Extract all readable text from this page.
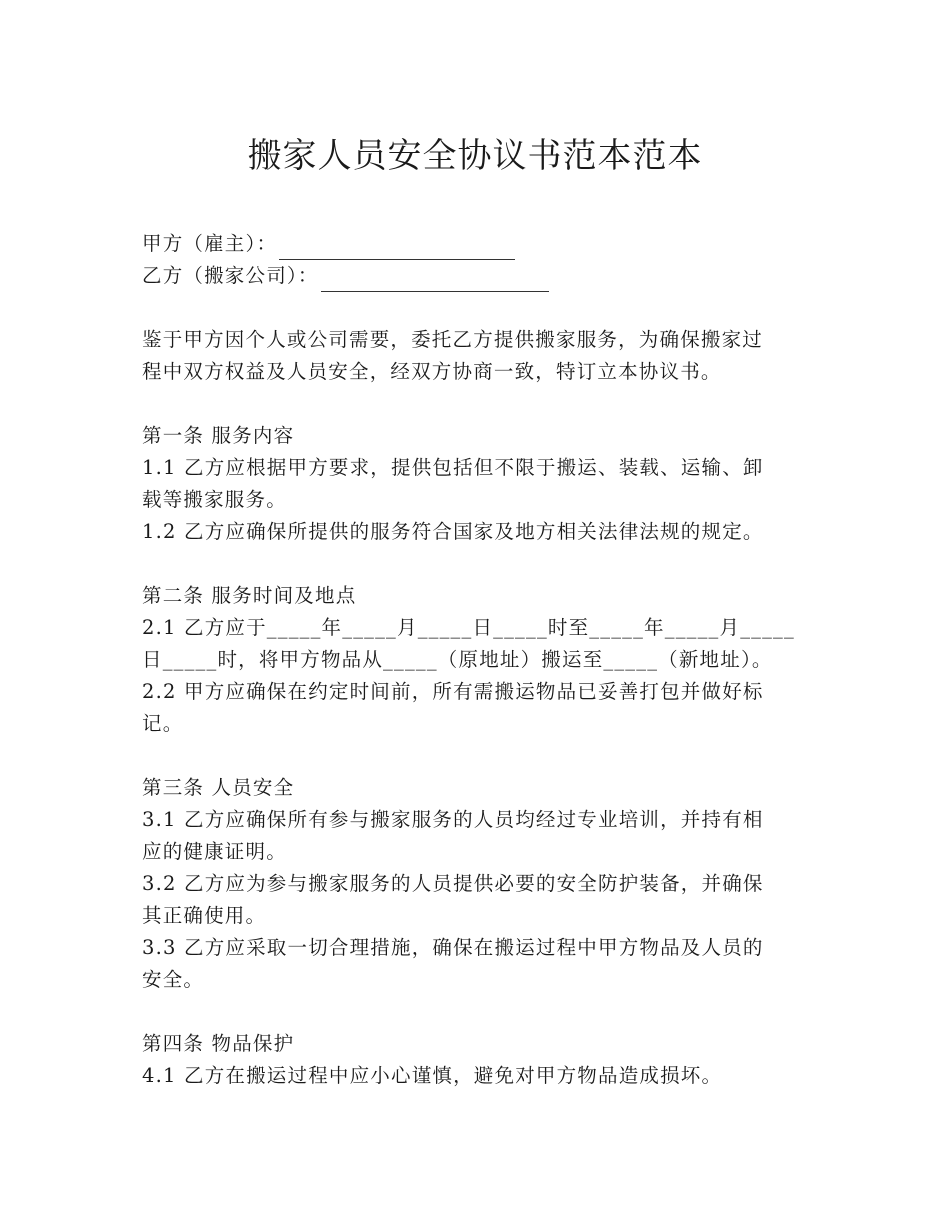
搬家人员安全协议书范本范本
甲方（雇主）：
乙方（搬家公司）：
鉴于甲方因个人或公司需要，委托乙方提供搬家服务，为确保搬家过
程中双方权益及人员安全，经双方协商一致，特订立本协议书。
第一条 服务内容
1.1 乙方应根据甲方要求，提供包括但不限于搬运、装载、运输、卸
载等搬家服务。
1.2 乙方应确保所提供的服务符合国家及地方相关法律法规的规定。
第二条 服务时间及地点
2.1 乙方应于_____年_____月_____日_____时至_____年_____月_____
日_____时，将甲方物品从_____（原地址）搬运至_____（新地址）。
2.2 甲方应确保在约定时间前，所有需搬运物品已妥善打包并做好标
记。
第三条 人员安全
3.1 乙方应确保所有参与搬家服务的人员均经过专业培训，并持有相
应的健康证明。
3.2 乙方应为参与搬家服务的人员提供必要的安全防护装备，并确保
其正确使用。
3.3 乙方应采取一切合理措施，确保在搬运过程中甲方物品及人员的
安全。
第四条 物品保护
4.1 乙方在搬运过程中应小心谨慎，避免对甲方物品造成损坏。
